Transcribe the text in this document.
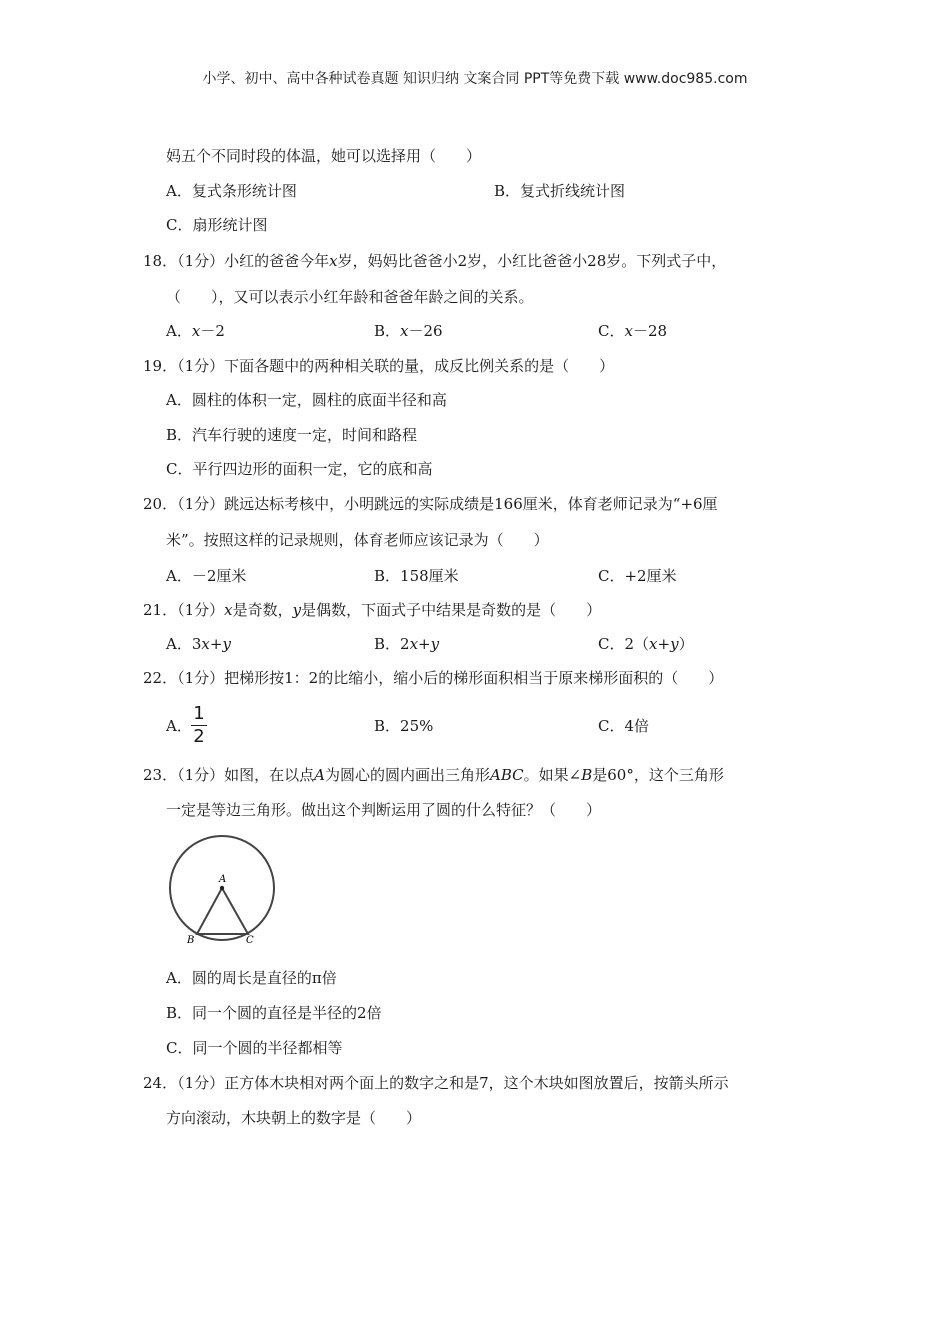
小学、初中、高中各种试卷真题 知识归纳 文案合同 PPT等免费下载 www.doc985.com
妈五个不同时段的体温，她可以选择用（　　）
A．复式条形统计图	B．复式折线统计图
C．扇形统计图
18．（1分）小红的爸爸今年x岁，妈妈比爸爸小2岁，小红比爸爸小28岁。下列式子中，
（　　），又可以表示小红年龄和爸爸年龄之间的关系。
A．x－2	B．x－26	C．x－28
19．（1分）下面各题中的两种相关联的量，成反比例关系的是（　　）
A．圆柱的体积一定，圆柱的底面半径和高
B．汽车行驶的速度一定，时间和路程
C．平行四边形的面积一定，它的底和高
20．（1分）跳远达标考核中，小明跳远的实际成绩是166厘米，体育老师记录为“+6厘
米”。按照这样的记录规则，体育老师应该记录为（　　）
A．－2厘米	B．158厘米	C．+2厘米
21．（1分）x是奇数，y是偶数，下面式子中结果是奇数的是（　　）
A．3x+y	B．2x+y	C．2（x+y）
22．（1分）把梯形按1：2的比缩小，缩小后的梯形面积相当于原来梯形面积的（　　）
A．
1
2	B．25%	C．4倍
23．（1分）如图，在以点A为圆心的圆内画出三角形ABC。如果∠B是60°，这个三角形
一定是等边三角形。做出这个判断运用了圆的什么特征？（　　）
A
B	C
A．圆的周长是直径的π倍
B．同一个圆的直径是半径的2倍
C．同一个圆的半径都相等
24．（1分）正方体木块相对两个面上的数字之和是7，这个木块如图放置后，按箭头所示
方向滚动，木块朝上的数字是（　　）
